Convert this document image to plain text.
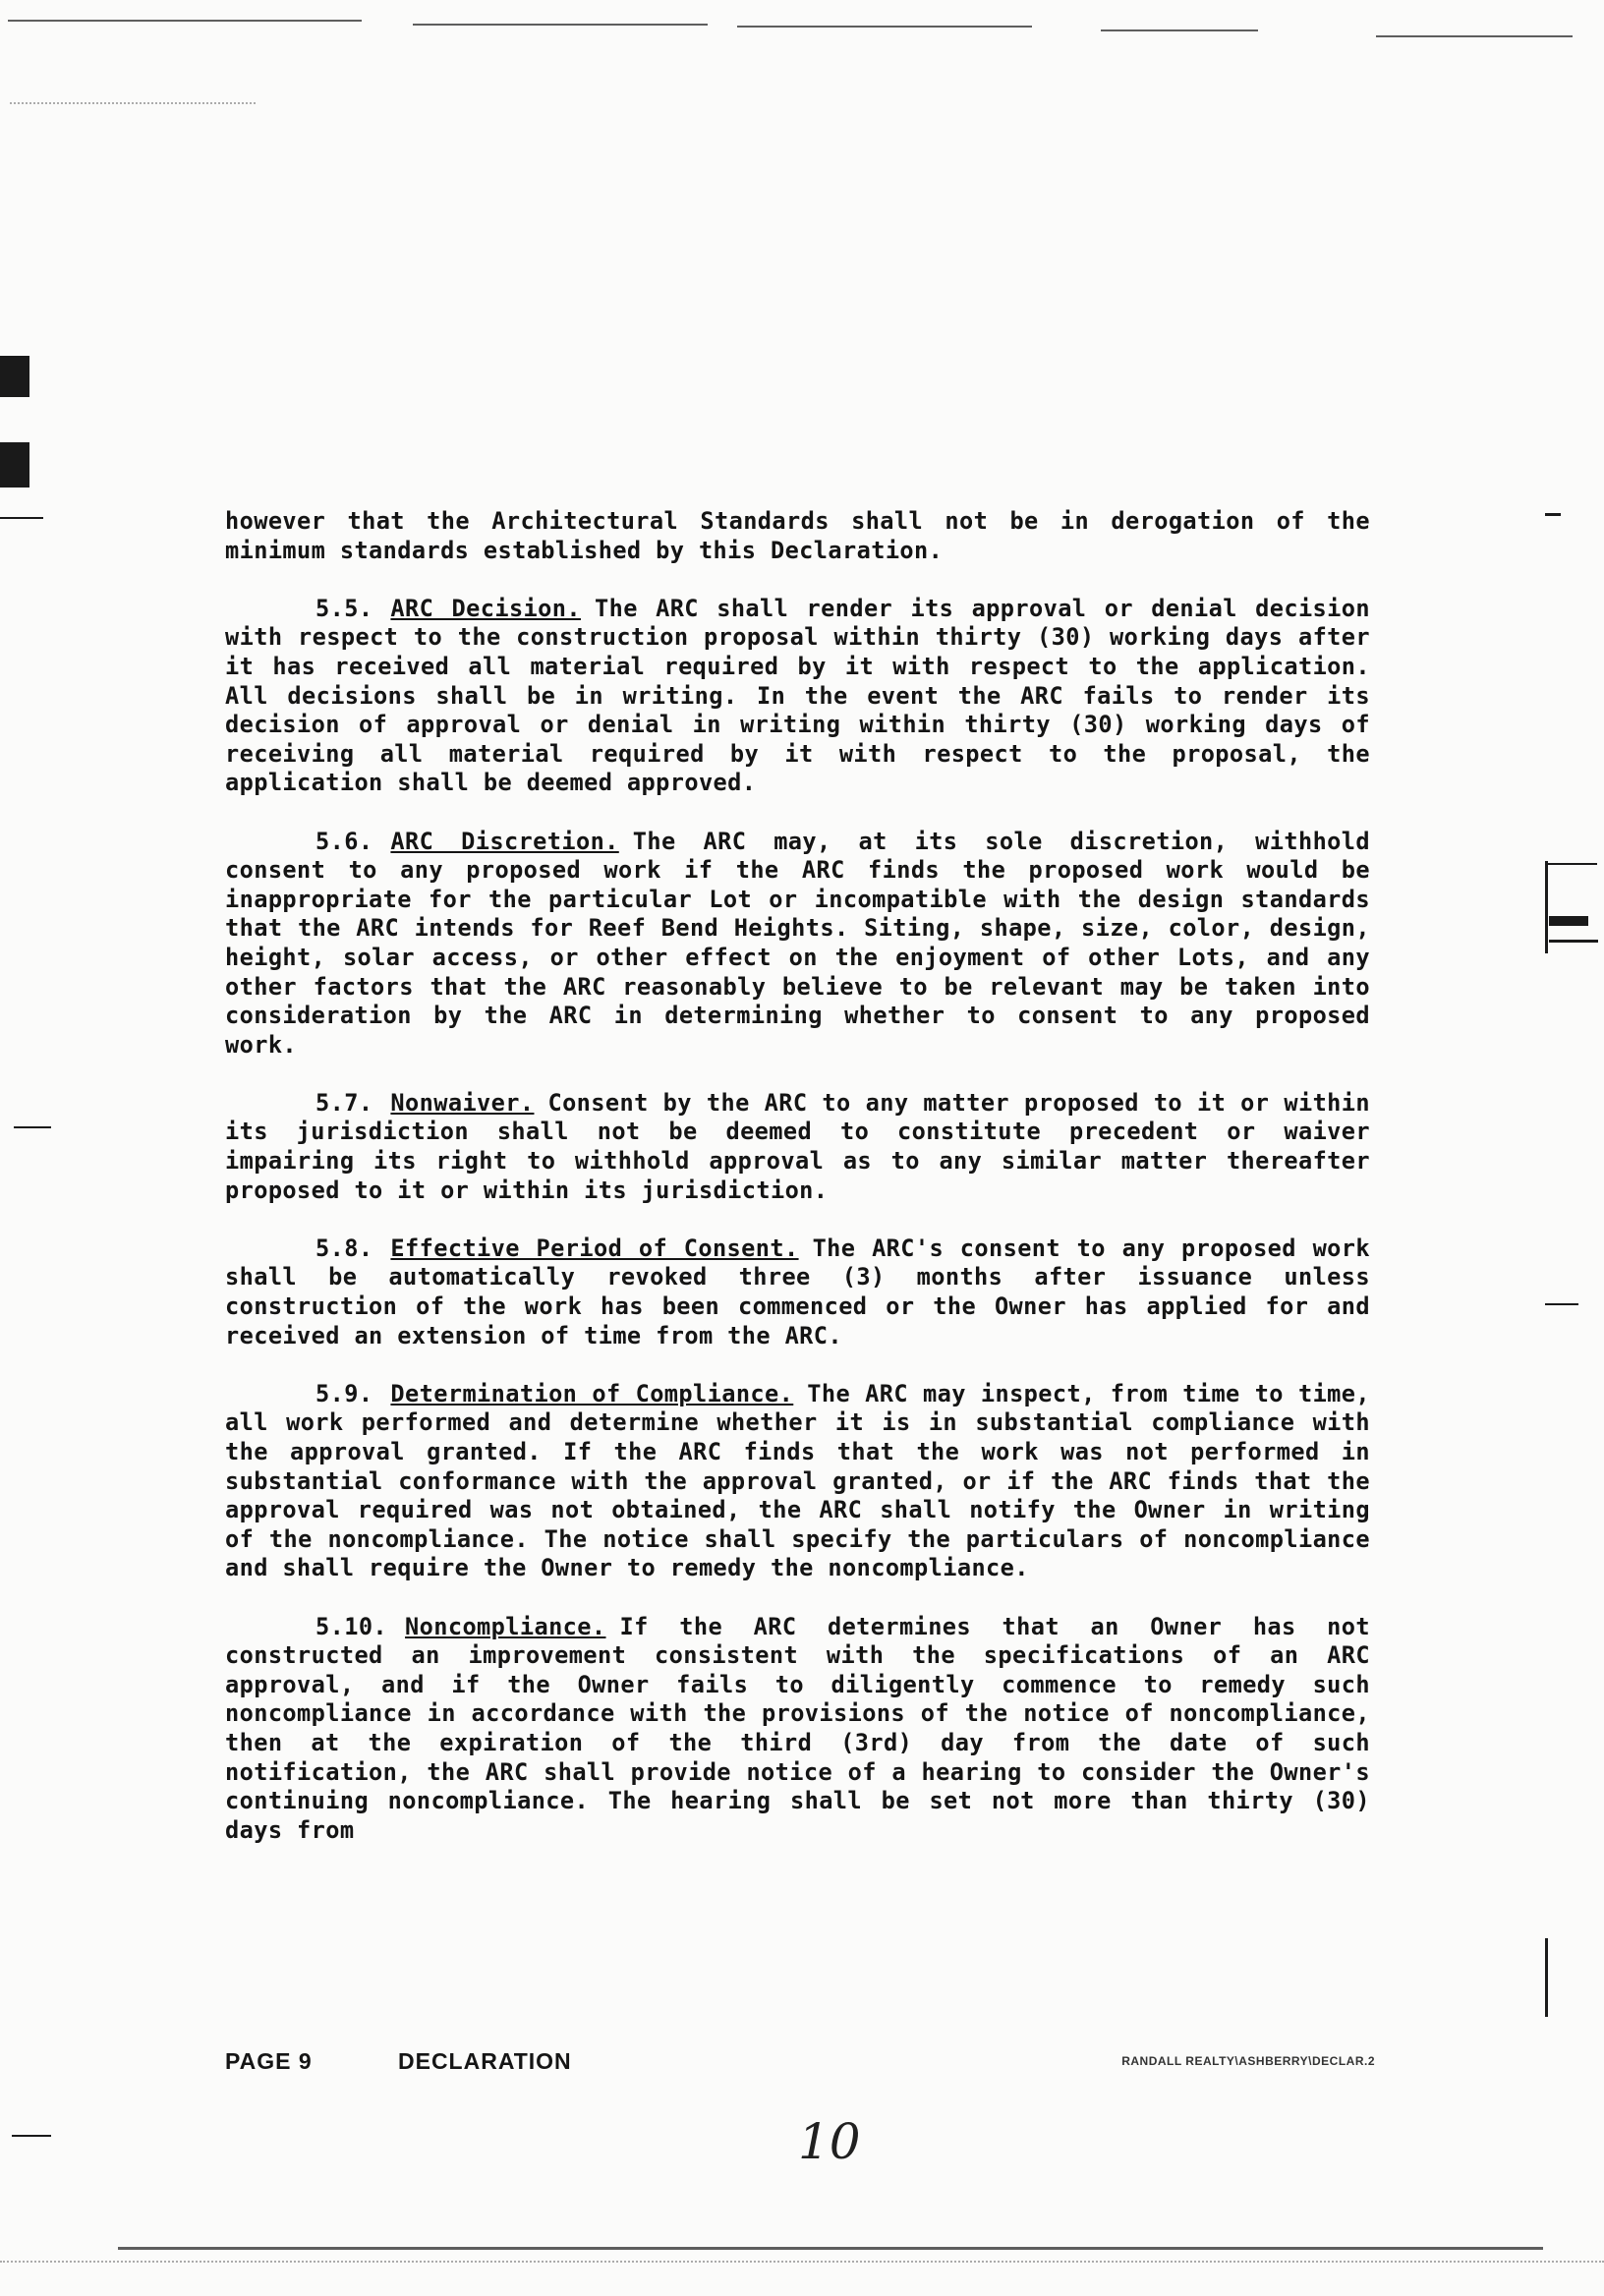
however that the Architectural Standards shall not be in derogation of the minimum standards established by this Declaration.

5.5. ARC Decision. The ARC shall render its approval or denial decision with respect to the construction proposal within thirty (30) working days after it has received all material required by it with respect to the application. All decisions shall be in writing. In the event the ARC fails to render its decision of approval or denial in writing within thirty (30) working days of receiving all material required by it with respect to the proposal, the application shall be deemed approved.

5.6. ARC Discretion. The ARC may, at its sole discretion, withhold consent to any proposed work if the ARC finds the proposed work would be inappropriate for the particular Lot or incompatible with the design standards that the ARC intends for Reef Bend Heights. Siting, shape, size, color, design, height, solar access, or other effect on the enjoyment of other Lots, and any other factors that the ARC reasonably believe to be relevant may be taken into consideration by the ARC in determining whether to consent to any proposed work.

5.7. Nonwaiver. Consent by the ARC to any matter proposed to it or within its jurisdiction shall not be deemed to constitute precedent or waiver impairing its right to withhold approval as to any similar matter thereafter proposed to it or within its jurisdiction.

5.8. Effective Period of Consent. The ARC's consent to any proposed work shall be automatically revoked three (3) months after issuance unless construction of the work has been commenced or the Owner has applied for and received an extension of time from the ARC.

5.9. Determination of Compliance. The ARC may inspect, from time to time, all work performed and determine whether it is in substantial compliance with the approval granted. If the ARC finds that the work was not performed in substantial conformance with the approval granted, or if the ARC finds that the approval required was not obtained, the ARC shall notify the Owner in writing of the noncompliance. The notice shall specify the particulars of noncompliance and shall require the Owner to remedy the noncompliance.

5.10. Noncompliance. If the ARC determines that an Owner has not constructed an improvement consistent with the specifications of an ARC approval, and if the Owner fails to diligently commence to remedy such noncompliance in accordance with the provisions of the notice of noncompliance, then at the expiration of the third (3rd) day from the date of such notification, the ARC shall provide notice of a hearing to consider the Owner's continuing noncompliance. The hearing shall be set not more than thirty (30) days from

PAGE 9	DECLARATION	RANDALL REALTY\ASHBERRY\DECLAR.2
10
